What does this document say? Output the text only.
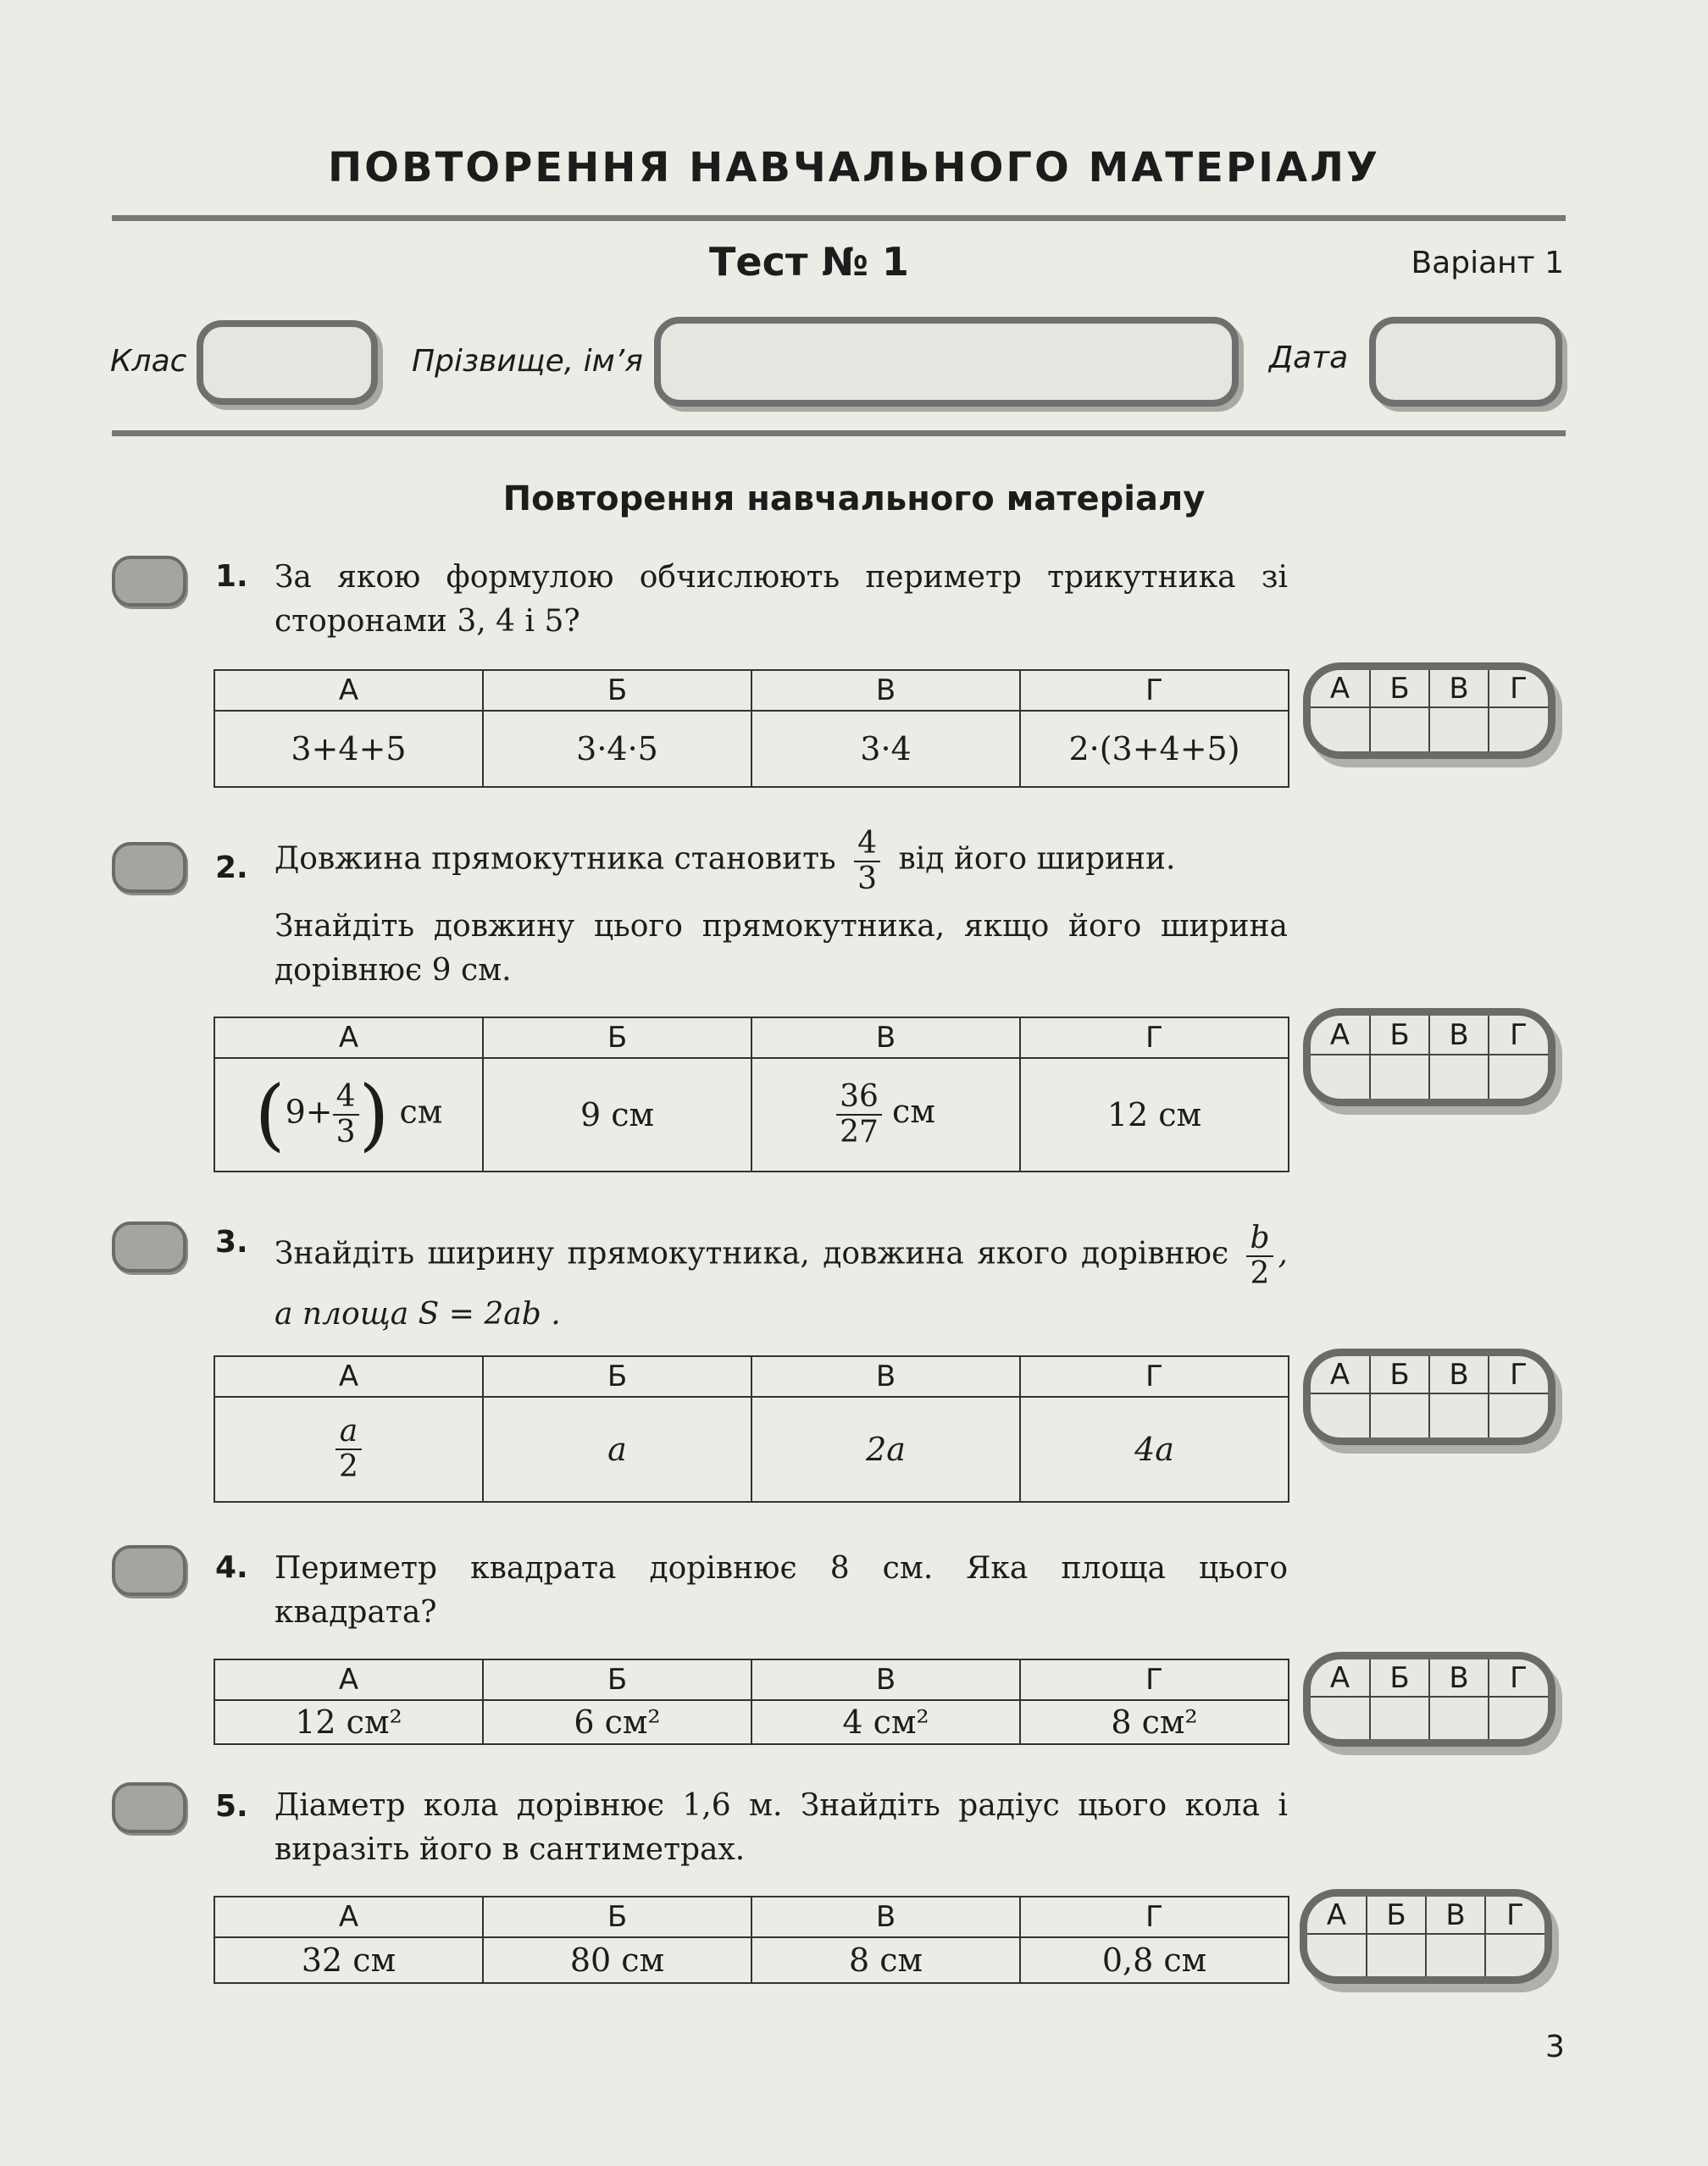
ПОВТОРЕННЯ НАВЧАЛЬНОГО МАТЕРІАЛУ
Тест № 1	Варіант 1
Клас	Прізвище, ім’я	Дата
Повторення навчального матеріалу
1. За якою формулою обчислюють периметр трикутника зі сторонами 3, 4 і 5?
А	Б	В	Г
3+4+5	3·4·5	3·4	2·(3+4+5)
А	Б	В	Г

2. Довжина прямокутника становить $\frac{4}{3}$ від його ширини.
Знайдіть довжину цього прямокутника, якщо його ширина дорівнює 9 см.
А	Б	В	Г
($9+ \frac{4}{3}$ ) см	9 см	$\frac{36}{27}$ см	12 см
А	Б	В	Г

3. Знайдіть ширину прямокутника, довжина якого дорівнює $\frac{b}{2}$ , а площа S = 2ab .
А	Б	В	Г

$\frac{a}{2}$	a	2a	4a
А	Б	В	Г

4. Периметр квадрата дорівнює 8 см. Яка площа цього квадрата?
А	Б	В	Г
12 см²	6 см²	4 см²	8 см²
А	Б	В	Г

5. Діаметр кола дорівнює 1,6 м. Знайдіть радіус цього кола і виразіть його в сантиметрах.
А	Б	В	Г
32 см	80 см	8 см	0,8 см
А	Б	В	Г

3
